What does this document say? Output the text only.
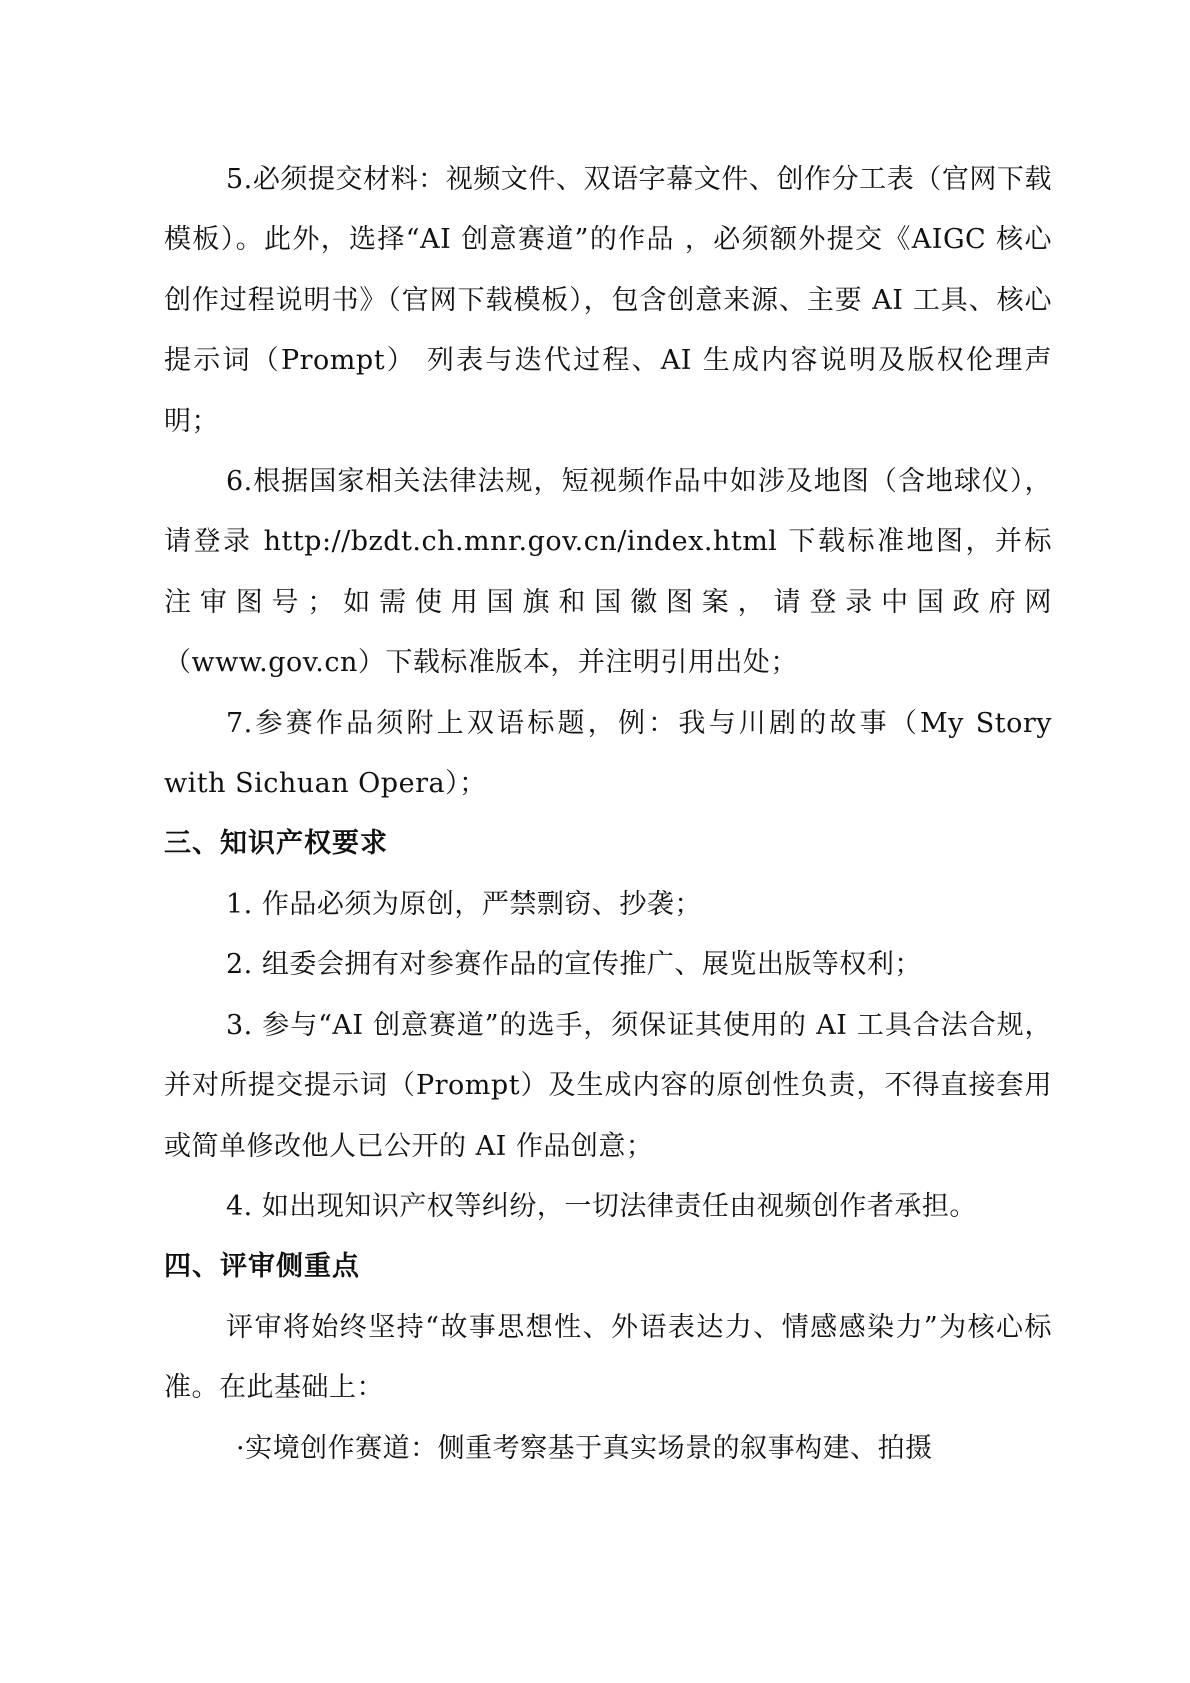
5.必须提交材料：视频文件、双语字幕文件、创作分工表（官网下载模板）。此外，选择“AI 创意赛道”的作品 ，必须额外提交《AIGC 核心创作过程说明书》（官网下载模板），包含创意来源、主要 AI 工具、核心提示词（Prompt） 列表与迭代过程、AI 生成内容说明及版权伦理声明；

6.根据国家相关法律法规，短视频作品中如涉及地图（含地球仪），请登录 http://bzdt.ch.mnr.gov.cn/index.html 下载标准地图，并标注审图号；如需使用国旗和国徽图案，请登录中国政府网（www.gov.cn）下载标准版本，并注明引用出处；

7.参赛作品须附上双语标题，例：我与川剧的故事（My Story with Sichuan Opera）；

三、知识产权要求

1. 作品必须为原创，严禁剽窃、抄袭；

2. 组委会拥有对参赛作品的宣传推广、展览出版等权利；

3. 参与“AI 创意赛道”的选手，须保证其使用的 AI 工具合法合规，并对所提交提示词（Prompt）及生成内容的原创性负责，不得直接套用或简单修改他人已公开的 AI 作品创意；

4. 如出现知识产权等纠纷，一切法律责任由视频创作者承担。

四、评审侧重点

评审将始终坚持“故事思想性、外语表达力、情感感染力”为核心标准。在此基础上：

·实境创作赛道：侧重考察基于真实场景的叙事构建、拍摄
